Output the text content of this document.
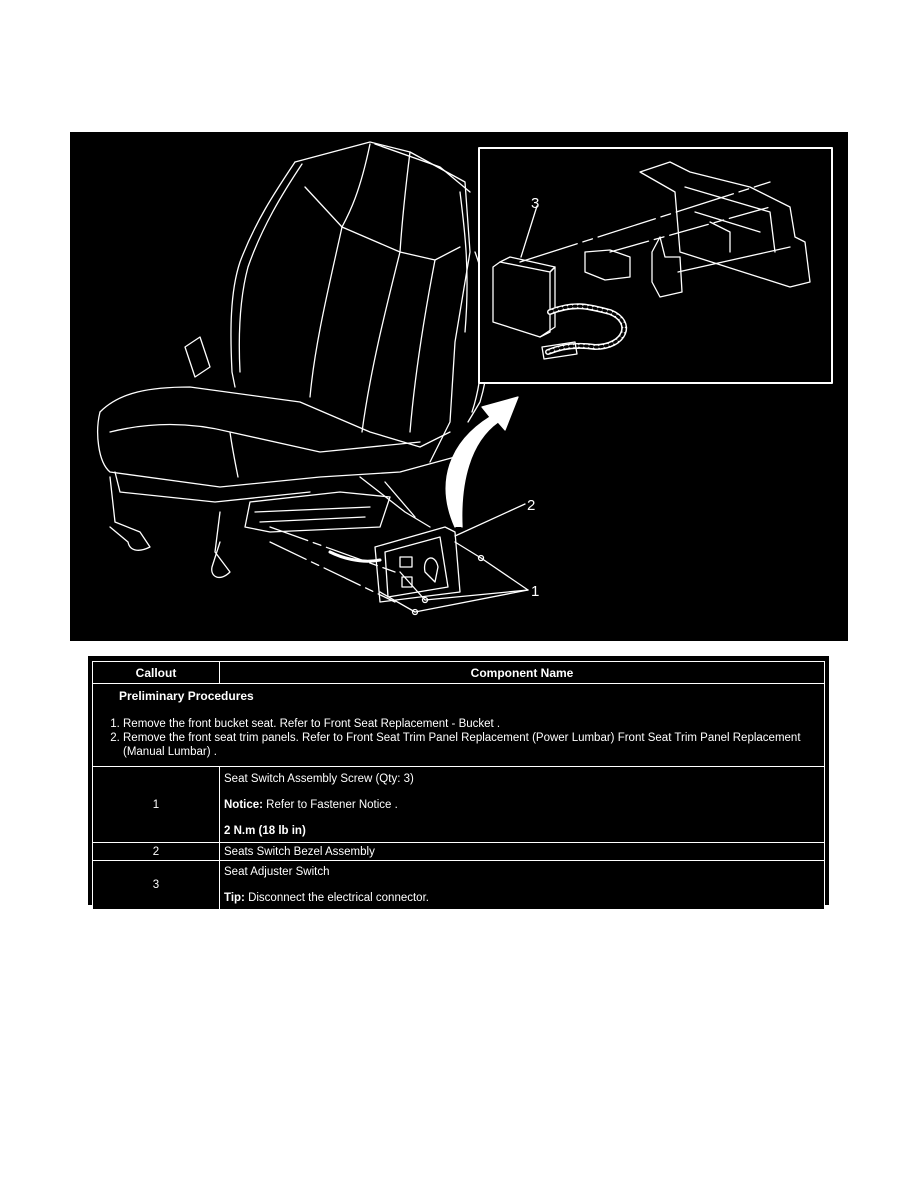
3
2
1
Callout	Component Name

Preliminary Procedures
1. Remove the front bucket seat. Refer to Front Seat Replacement - Bucket .
2. Remove the front seat trim panels. Refer to Front Seat Trim Panel Replacement (Power Lumbar) Front Seat Trim Panel Replacement (Manual Lumbar) .

1	Seat Switch Assembly Screw (Qty: 3)

Notice: Refer to Fastener Notice .

2 N.m (18 lb in)

2	Seats Switch Bezel Assembly

3	Seat Adjuster Switch

Tip: Disconnect the electrical connector.
